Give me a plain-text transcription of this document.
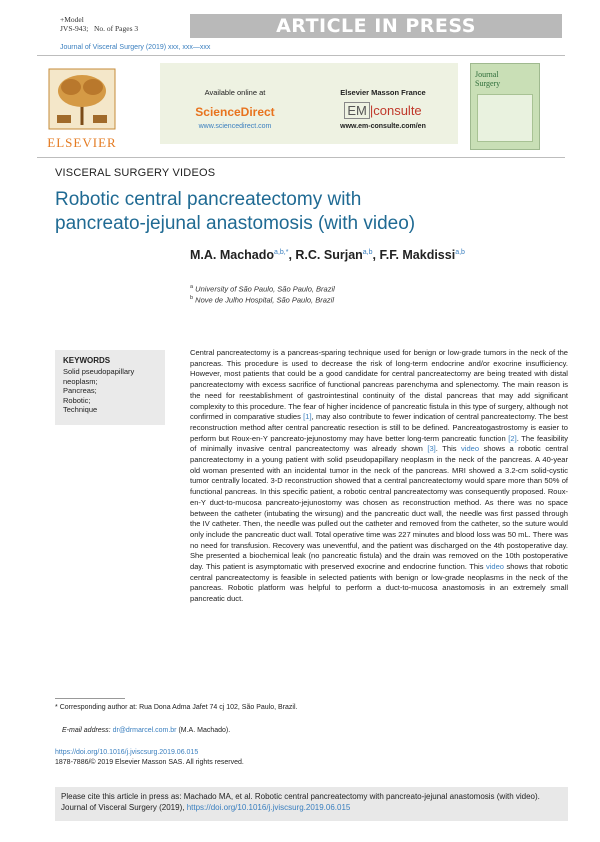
+Model
JVS-943; No. of Pages 3	ARTICLE IN PRESS
Journal of Visceral Surgery (2019) xxx, xxx—xxx
ELSEVIER
Available online at
ScienceDirect
www.sciencedirect.com
Elsevier Masson France
EM |consulte
www.em-consulte.com/en
Journal
Surgery
VISCERAL SURGERY VIDEOS
Robotic central pancreatectomy with
pancreato-jejunal anastomosis (with video)
M.A. Machado$^{a,b,*}$, R.C. Surjan$^{a,b}$, F.F. Makdissi$^{a,b}$
$^a$ University of São Paulo, São Paulo, Brazil
$^b$ Nove de Julho Hospital, São Paulo, Brazil
KEYWORDS
Solid pseudopapillary
neoplasm;
Pancreas;
Robotic;
Technique
Central pancreatectomy is a pancreas-sparing technique used for benign or low-grade tumors in the neck of the pancreas. This procedure is used to decrease the risk of long-term endocrine and/or exocrine insufficiency. However, most patients that could be a good candidate for central pancreatectomy are being treated with distal pancreatectomy with excess sacrifice of functional pancreas parenchyma and splenectomy. The main reason is the need for reestablishment of gastrointestinal continuity of the distal pancreas that may add significant complexity to this procedure. The fear of higher incidence of pancreatic fistula in this type of surgery, although not confirmed in comparative studies [1], may also contribute to fewer indication of central pancreatectomy. The best reconstruction method after central pancreatic resection is still to be defined. Pancreatogastrostomy is easier to perform but Roux-en-Y pancreato-jejunostomy may have better long-term pancreatic function [2]. The feasibility of minimally invasive central pancreatectomy was already shown [3]. This video shows a robotic central pancreatectomy in a young patient with solid pseudopapillary neoplasm in the neck of the pancreas. A 40-year old woman presented with an incidental tumor in the neck of the pancreas. MRI showed a 3.2-cm solid-cystic tumor centrally located. 3-D reconstruction showed that a central pancreatectomy would spare more than 50% of functional pancreas. In this specific patient, a robotic central pancreatectomy was consequently proposed. Roux-en-Y duct-to-mucosa pancreato-jejunostomy was chosen as reconstruction method. As there was no space between the catheter (intubating the wirsung) and the pancreatic duct wall, the needle was first passed through the IV catheter. Then, the needle was pulled out the catheter and removed from the catheter, so the suture would only include the pancreatic duct wall. Total operative time was 227 minutes and blood loss was 50 mL. There was no need for transfusion. Recovery was uneventful, and the patient was discharged on the 4th postoperative day. She presented a biochemical leak (no pancreatic fistula) and the drain was removed on the 10th postoperative day. This patient is asymptomatic with preserved exocrine and endocrine function. This video shows that robotic central pancreatectomy is feasible in selected patients with benign or low-grade neoplasms in the neck of the pancreas. Robotic platform was helpful to perform a duct-to-mucosa anastomosis in an extremely small pancreatic duct.
* Corresponding author at: Rua Dona Adma Jafet 74 cj 102, São Paulo, Brazil.
E-mail address: dr@drmarcel.com.br (M.A. Machado).
https://doi.org/10.1016/j.jviscsurg.2019.06.015
1878-7886/© 2019 Elsevier Masson SAS. All rights reserved.
Please cite this article in press as: Machado MA, et al. Robotic central pancreatectomy with pancreato-jejunal anastomosis (with video). Journal of Visceral Surgery (2019), https://doi.org/10.1016/j.jviscsurg.2019.06.015
